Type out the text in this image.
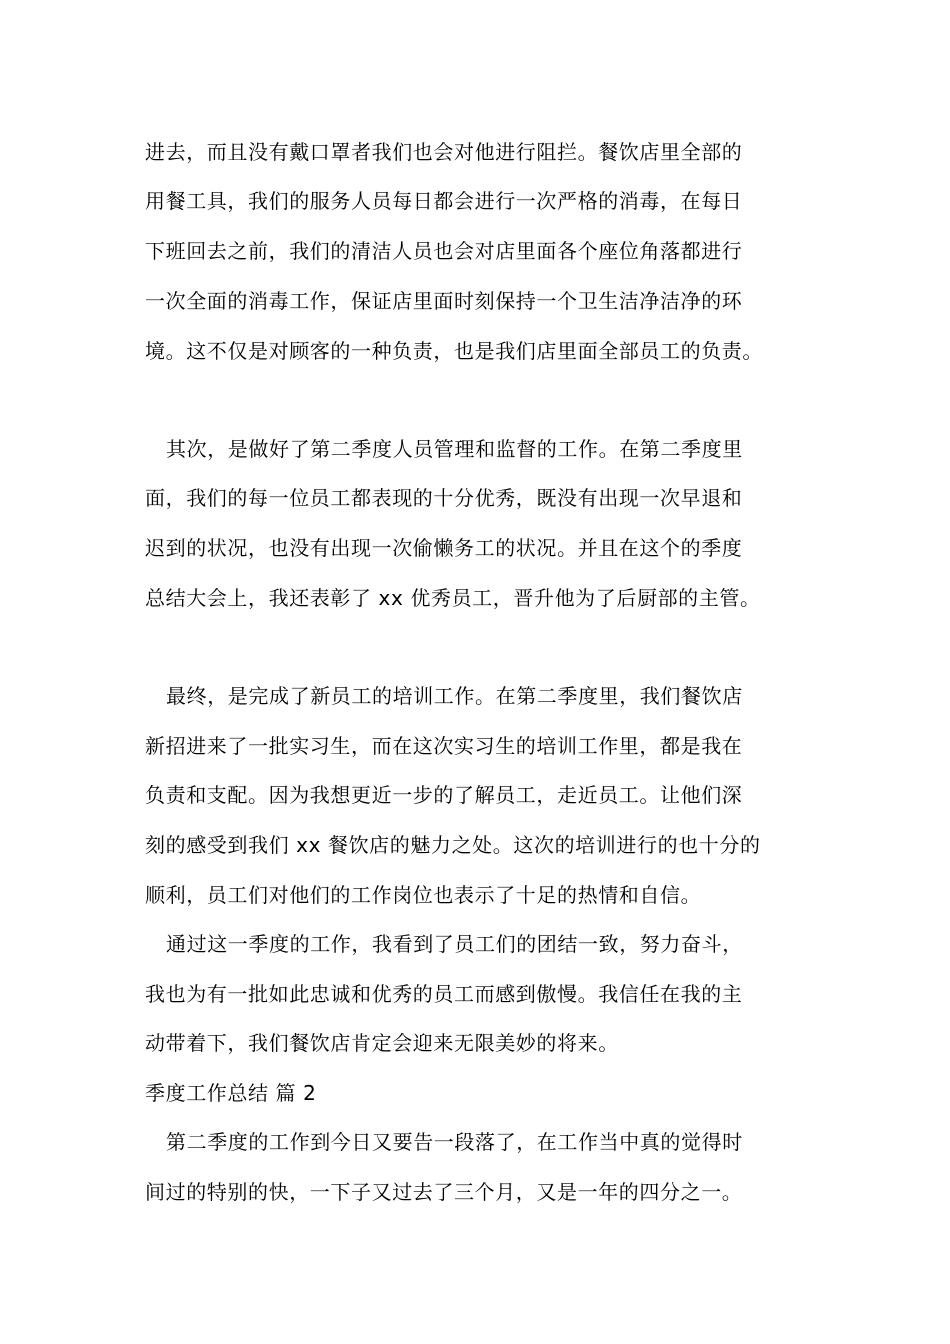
进去，而且没有戴口罩者我们也会对他进行阻拦。餐饮店里全部的
用餐工具，我们的服务人员每日都会进行一次严格的消毒，在每日
下班回去之前，我们的清洁人员也会对店里面各个座位角落都进行
一次全面的消毒工作，保证店里面时刻保持一个卫生洁净洁净的环
境。这不仅是对顾客的一种负责，也是我们店里面全部员工的负责。
其次，是做好了第二季度人员管理和监督的工作。在第二季度里
面，我们的每一位员工都表现的十分优秀，既没有出现一次早退和
迟到的状况，也没有出现一次偷懒务工的状况。并且在这个的季度
总结大会上，我还表彰了 xx 优秀员工，晋升他为了后厨部的主管。
最终，是完成了新员工的培训工作。在第二季度里，我们餐饮店
新招进来了一批实习生，而在这次实习生的培训工作里，都是我在
负责和支配。因为我想更近一步的了解员工，走近员工。让他们深
刻的感受到我们 xx 餐饮店的魅力之处。这次的培训进行的也十分的
顺利，员工们对他们的工作岗位也表示了十足的热情和自信。
通过这一季度的工作，我看到了员工们的团结一致，努力奋斗，
我也为有一批如此忠诚和优秀的员工而感到傲慢。我信任在我的主
动带着下，我们餐饮店肯定会迎来无限美妙的将来。
季度工作总结 篇 2
第二季度的工作到今日又要告一段落了，在工作当中真的觉得时
间过的特别的快，一下子又过去了三个月，又是一年的四分之一。
